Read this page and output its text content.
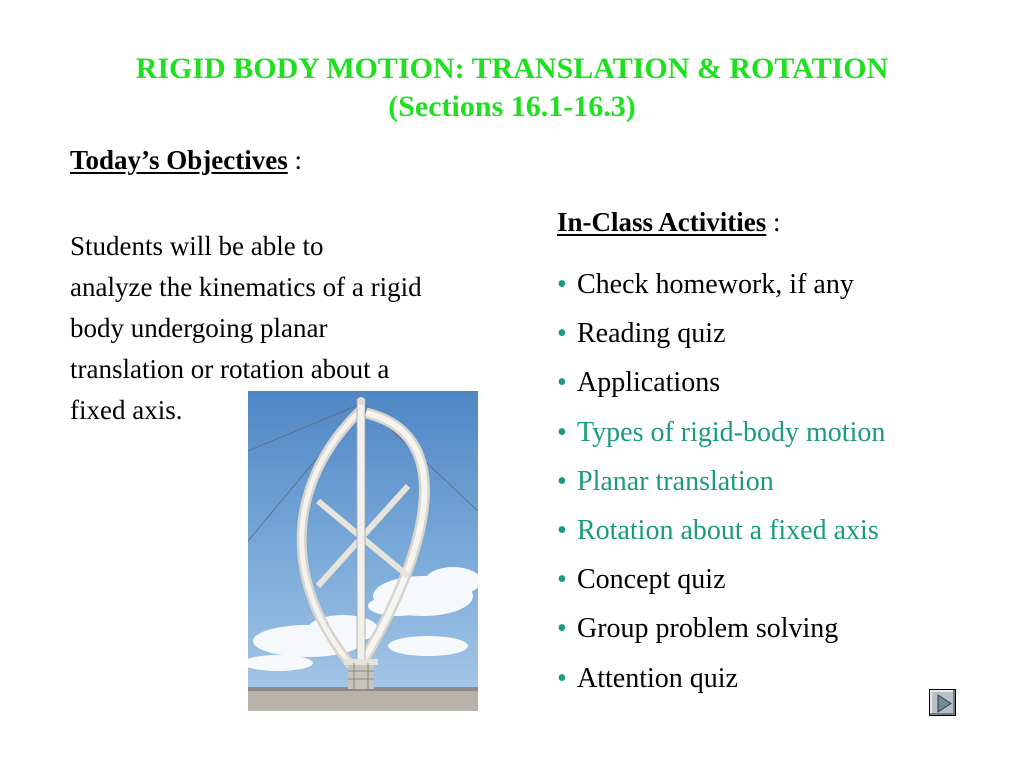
RIGID BODY MOTION: TRANSLATION & ROTATION
(Sections 16.1-16.3)
Today’s Objectives :
Students will be able to
analyze the kinematics of a rigid
body undergoing planar
translation or rotation about a
fixed axis.
In-Class Activities :
• Check homework, if any
• Reading quiz
• Applications
• Types of rigid-body motion
• Planar translation
• Rotation about a fixed axis
• Concept quiz
• Group problem solving
• Attention quiz
